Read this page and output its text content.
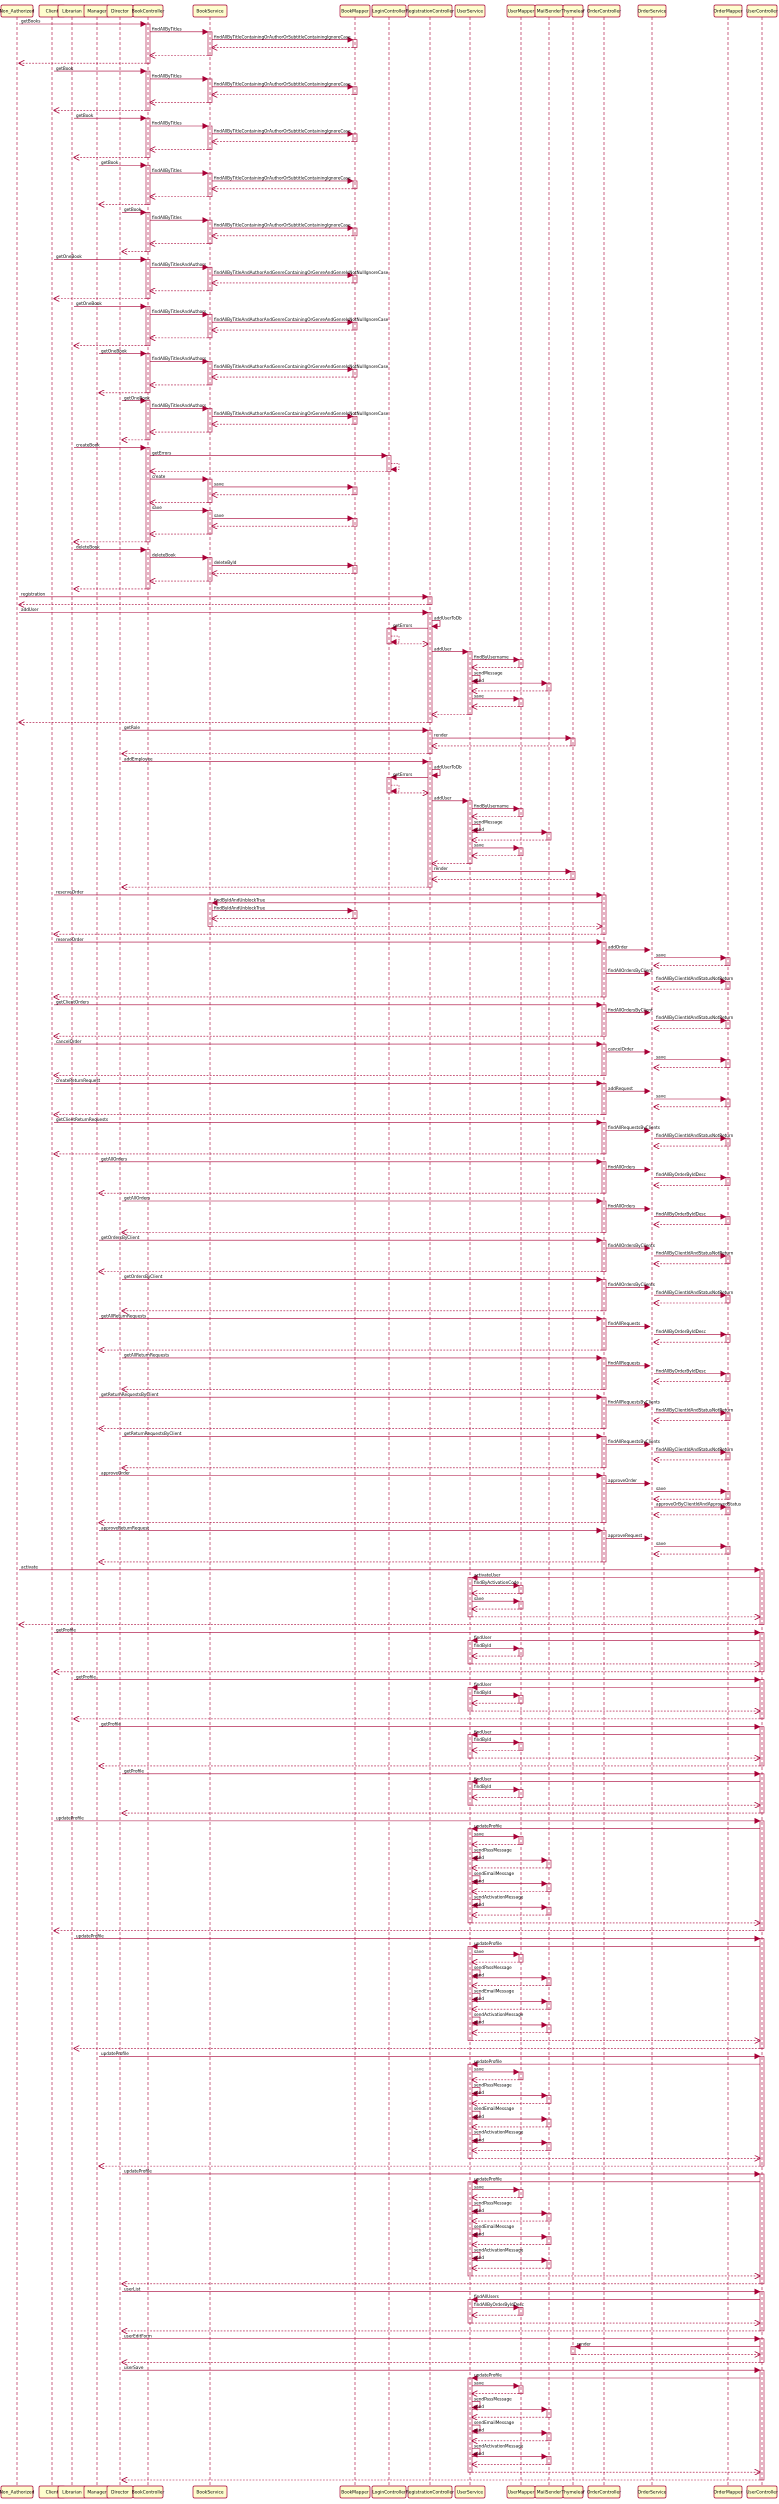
getBooks
findAllByTitles
findAllByTitleContainingOrAuthorOrSubtitleContainingIgnoreCase
getBook
findAllByTitles
findAllByTitleContainingOrAuthorOrSubtitleContainingIgnoreCase
getBook
findAllByTitles
findAllByTitleContainingOrAuthorOrSubtitleContainingIgnoreCase
getBook
findAllByTitles
findAllByTitleContainingOrAuthorOrSubtitleContainingIgnoreCase
getBook
findAllByTitles
findAllByTitleContainingOrAuthorOrSubtitleContainingIgnoreCase
getOneBook
findAllByTitlesAndAuthors
findAllByTitleAndAuthorAndGenreContainingOrGenreAndGenreIsNotNullIgnoreCase
getOneBook
findAllByTitlesAndAuthors
findAllByTitleAndAuthorAndGenreContainingOrGenreAndGenreIsNotNullIgnoreCase
getOneBook
findAllByTitlesAndAuthors
findAllByTitleAndAuthorAndGenreContainingOrGenreAndGenreIsNotNullIgnoreCase
getOneBook
findAllByTitlesAndAuthors
findAllByTitleAndAuthorAndGenreContainingOrGenreAndGenreIsNotNullIgnoreCase
createBook
getErrors
create
save
save
save
deleteBook
deleteBook
deleteByld
registration
addUser
addUserToDb
getErrors
addUser
findByUsername
sendMessage
send
save
getRole
render
addEmployee
addUserToDb
getErrors
addUser
findByUsername
sendMessage
send
save
render
reserveOrder
findByIdAndUnblockTrue
findByIdAndUnblockTrue
reserveOrder
addOrder
save
findAllOrdersByClient
findAllByClientIdAndStatusNotReturn
getClientOrders
findAllOrdersByClient
findAllByClientIdAndStatusNotReturn
cancelOrder
cancelOrder
save
createReturnRequest
addRequest
save
getClientReturnRequests
findAllRequestsByClients
findAllByClientIdAndStatusNotReturn
getAllOrders
findAllOrders
findAllByOrderByIdDesc
getAllOrders
findAllOrders
findAllByOrderByIdDesc
getOrdersByClient
findAllOrdersByClients
findAllByClientIdAndStatusNotReturn
getOrdersByClient
findAllOrdersByClients
findAllByClientIdAndStatusNotReturn
getAllReturnRequests
findAllRequests
findAllByOrderByIdDesc
getAllReturnRequests
findAllRequests
findAllByOrderByIdDesc
getReturnRequestsByClient
findAllRequestsByClients
findAllByClientIdAndStatusNotReturn
getReturnRequestsByClient
findAllRequestsByClients
findAllByClientIdAndStatusNotReturn
approveOrder
approveOrder
save
approveOrByClientIdAndApprovedStatus
approveReturnRequest
approveRequest
save
activate
activateUser
findByActivationCode
save
getProfile
findUser
findById
getProfile
findUser
findById
getProfile
findUser
findById
getProfile
findUser
findById
updateProfile
updateProfile
save
sendPassMessage
send
sendEmailMessage
send
sendActivationMessage
send
updateProfile
updateProfile
save
sendPassMessage
send
sendEmailMessage
send
sendActivationMessage
send
updateProfile
updateProfile
save
sendPassMessage
send
sendEmailMessage
send
sendActivationMessage
send
updateProfile
updateProfile
save
sendPassMessage
send
sendEmailMessage
send
sendActivationMessage
send
userList
findAllUsers
findAllByOrderByIdDesc
userEditForm
render
userSave
updateProfile
save
sendPassMessage
send
sendEmailMessage
send
sendActivationMessage
send
Non_Authorized
Non_Authorized
Client
Client
Librarian
Librarian
Manager
Manager
Director
Director
BookController
BookController
BookService
BookService
BookMapper
BookMapper
LoginController
LoginController
RegistrationController
RegistrationController
UserService
UserService
UserMapper
UserMapper
MailSender
MailSender
Thymeleaf
Thymeleaf
OrderController
OrderController
OrderService
OrderService
OrderMapper
OrderMapper
UserController
UserController
